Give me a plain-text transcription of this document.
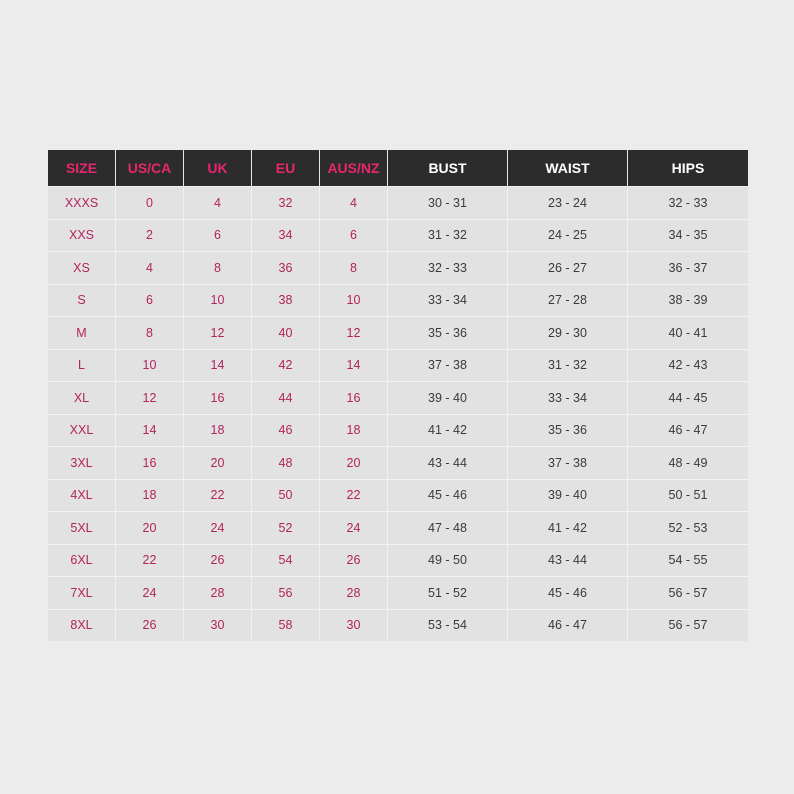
SIZE	US/CA	UK	EU	AUS/NZ	BUST	WAIST	HIPS
XXXS	0	4	32	4	30 - 31	23 - 24	32 - 33
XXS	2	6	34	6	31 - 32	24 - 25	34 - 35
XS	4	8	36	8	32 - 33	26 - 27	36 - 37
S	6	10	38	10	33 - 34	27 - 28	38 - 39
M	8	12	40	12	35 - 36	29 - 30	40 - 41
L	10	14	42	14	37 - 38	31 - 32	42 - 43
XL	12	16	44	16	39 - 40	33 - 34	44 - 45
XXL	14	18	46	18	41 - 42	35 - 36	46 - 47
3XL	16	20	48	20	43 - 44	37 - 38	48 - 49
4XL	18	22	50	22	45 - 46	39 - 40	50 - 51
5XL	20	24	52	24	47 - 48	41 - 42	52 - 53
6XL	22	26	54	26	49 - 50	43 - 44	54 - 55
7XL	24	28	56	28	51 - 52	45 - 46	56 - 57
8XL	26	30	58	30	53 - 54	46 - 47	56 - 57
